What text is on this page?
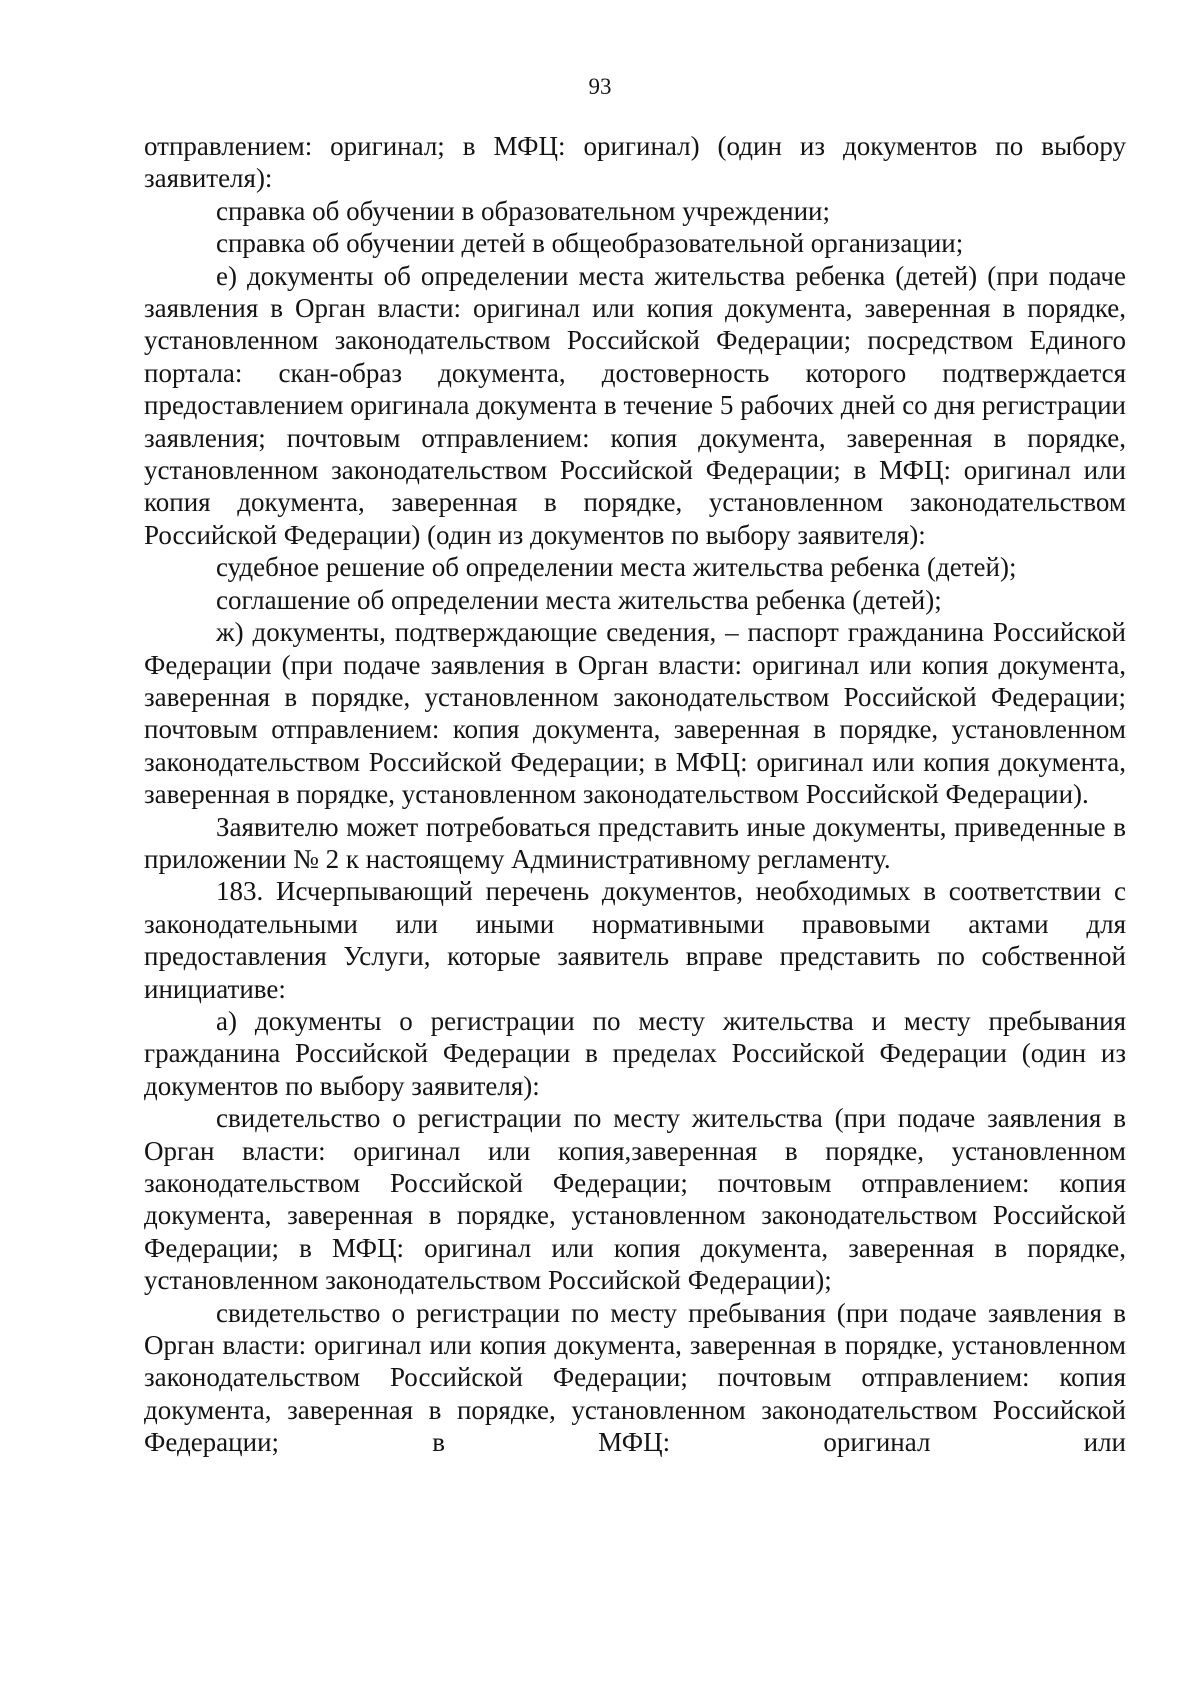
93

отправлением: оригинал; в МФЦ: оригинал) (один из документов по выбору заявителя):

справка об обучении в образовательном учреждении;

справка об обучении детей в общеобразовательной организации;

е) документы об определении места жительства ребенка (детей) (при подаче заявления в Орган власти: оригинал или копия документа, заверенная в порядке, установленном законодательством Российской Федерации; посредством Единого портала: скан-образ документа, достоверность которого подтверждается предоставлением оригинала документа в течение 5 рабочих дней со дня регистрации заявления; почтовым отправлением: копия документа, заверенная в порядке, установленном законодательством Российской Федерации; в МФЦ: оригинал или копия документа, заверенная в порядке, установленном законодательством Российской Федерации) (один из документов по выбору заявителя):

судебное решение об определении места жительства ребенка (детей);

соглашение об определении места жительства ребенка (детей);

ж) документы, подтверждающие сведения, – паспорт гражданина Российской Федерации (при подаче заявления в Орган власти: оригинал или копия документа, заверенная в порядке, установленном законодательством Российской Федерации; почтовым отправлением: копия документа, заверенная в порядке, установленном законодательством Российской Федерации; в МФЦ: оригинал или копия документа, заверенная в порядке, установленном законодательством Российской Федерации).

Заявителю может потребоваться представить иные документы, приведенные в приложении № 2 к настоящему Административному регламенту.

183. Исчерпывающий перечень документов, необходимых в соответствии с законодательными или иными нормативными правовыми актами для предоставления Услуги, которые заявитель вправе представить по собственной инициативе:

а) документы о регистрации по месту жительства и месту пребывания гражданина Российской Федерации в пределах Российской Федерации (один из документов по выбору заявителя):

свидетельство о регистрации по месту жительства (при подаче заявления в Орган власти: оригинал или копия,заверенная в порядке, установленном законодательством Российской Федерации; почтовым отправлением: копия документа, заверенная в порядке, установленном законодательством Российской Федерации; в МФЦ: оригинал или копия документа, заверенная в порядке, установленном законодательством Российской Федерации);

свидетельство о регистрации по месту пребывания (при подаче заявления в Орган власти: оригинал или копия документа, заверенная в порядке, установленном законодательством Российской Федерации; почтовым отправлением: копия документа, заверенная в порядке, установленном законодательством Российской Федерации; в МФЦ: оригинал или
